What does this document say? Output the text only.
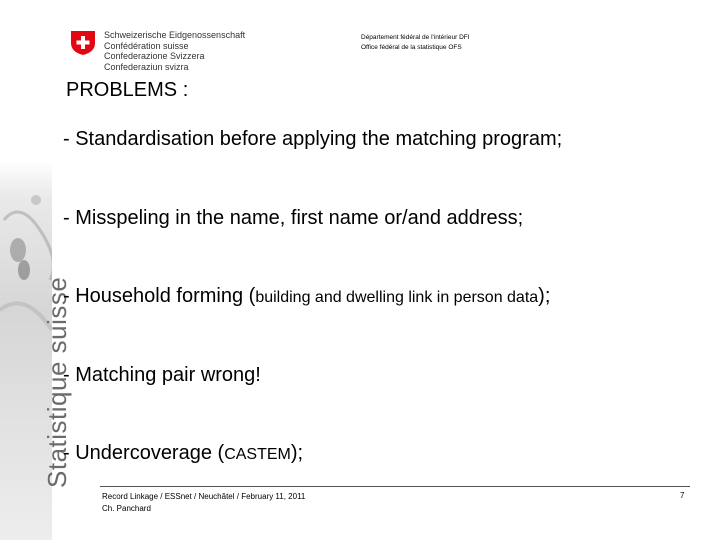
Statistique suisse
Schweizerische Eidgenossenschaft
Confédération suisse
Confederazione Svizzera
Confederaziun svizra
Département fédéral de l'intérieur DFI
Office fédéral de la statistique OFS
PROBLEMS :
- Standardisation before applying the matching program;
- Misspeling in the name, first name or/and address;
- Household forming (building and dwelling link in person data);
- Matching pair wrong!
- Undercoverage (CASTEM);
Record Linkage / ESSnet / Neuchâtel / February 11, 2011
Ch. Panchard
7
